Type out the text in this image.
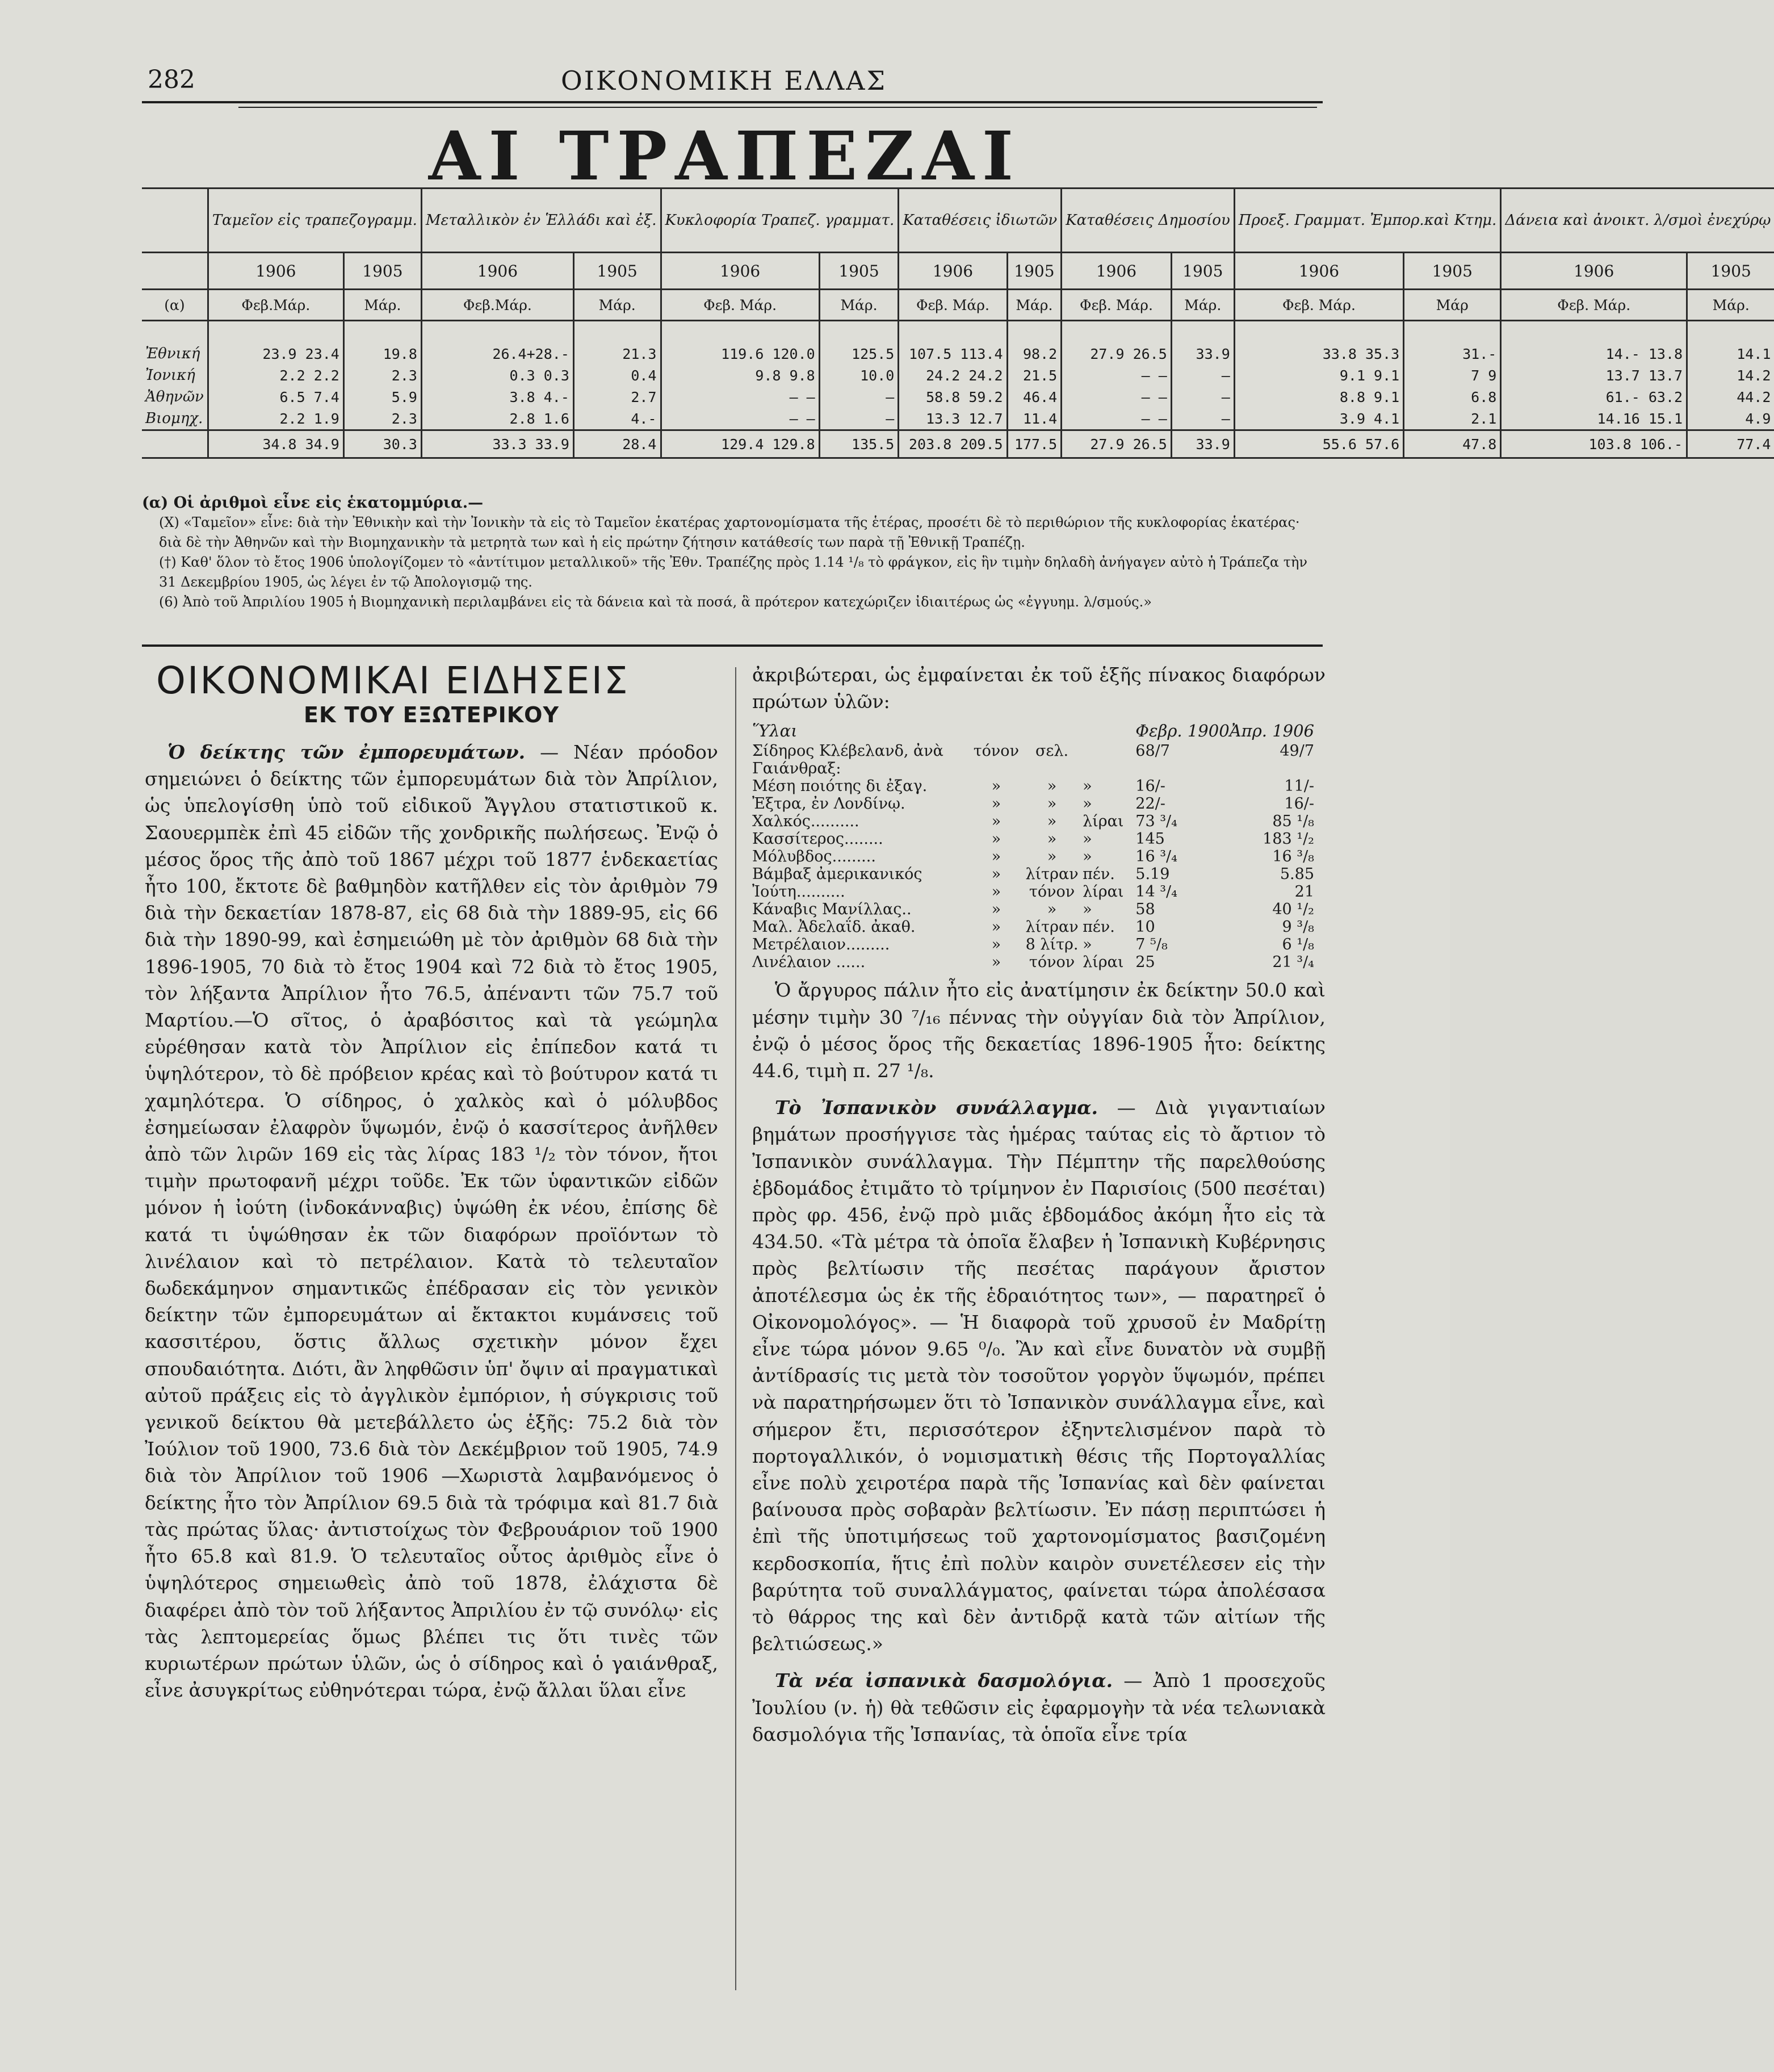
282	ΟΙΚΟΝΟΜΙΚΗ ΕΛΛΑΣ
ΑΙ ΤΡΑΠΕΖΑΙ
	Ταμεῖον εἰς τραπεζογραμμ.		Μεταλλικὸν ἐν Ἑλλάδι καὶ ἐξ.		Κυκλοφορία Τραπεζ. γραμματ.		Καταθέσεις ἰδιωτῶν		Καταθέσεις Δημοσίου		Προεξ. Γραμματ. Ἐμπορ.καὶ Κτημ.		Δάνεια καὶ ἀνοικτ. λ/σμοὶ ἐνεχύρῳ	
	1906	1905	1906	1905	1906	1905	1906	1905	1906	1905	1906	1905	1906	1905
(α)	Φεβ.Μάρ.	Μάρ.	Φεβ.Μάρ.	Μάρ.	Φεβ. Μάρ.	Μάρ.	Φεβ. Μάρ.	Μάρ.	Φεβ. Μάρ.	Μάρ.	Φεβ. Μάρ.	Μάρ	Φεβ. Μάρ.	Μάρ.

Ἐθνική	23.9 23.4	19.8	26.4+28.-	21.3	119.6 120.0	125.5	107.5 113.4	98.2	27.9 26.5	33.9	33.8 35.3	31.-	14.- 13.8	14.1
Ἰονική	2.2 2.2	2.3	0.3 0.3	0.4	9.8 9.8	10.0	24.2 24.2	21.5	— —	—	9.1 9.1	7 9	13.7 13.7	14.2
Ἀθηνῶν	6.5 7.4	5.9	3.8 4.-	2.7	— —	—	58.8 59.2	46.4	— —	—	8.8 9.1	6.8	61.- 63.2	44.2
Βιομηχ.	2.2 1.9	2.3	2.8 1.6	4.-	— —	—	13.3 12.7	11.4	— —	—	3.9 4.1	2.1	14.16 15.1	4.9
	34.8 34.9	30.3	33.3 33.9	28.4	129.4 129.8	135.5	203.8 209.5	177.5	27.9 26.5	33.9	55.6 57.6	47.8	103.8 106.-	77.4

(α) Οἱ ἀριθμοὶ εἶνε εἰς ἑκατομμύρια.—

(X) «Ταμεῖον» εἶνε: διὰ τὴν Ἐθνικὴν καὶ τὴν Ἰονικὴν τὰ εἰς τὸ Ταμεῖον ἑκατέρας χαρτονομίσματα τῆς ἑτέρας, προσέτι δὲ τὸ περιθώριον τῆς κυκλοφορίας ἑκατέρας· διὰ δὲ τὴν Ἀθηνῶν καὶ τὴν Βιομηχανικὴν τὰ μετρητὰ των καὶ ἡ εἰς πρώτην ζήτησιν κατάθεσίς των παρὰ τῇ Ἐθνικῇ Τραπέζῃ.

(†) Καθ' ὅλον τὸ ἔτος 1906 ὑπολογίζομεν τὸ «ἀντίτιμον μεταλλικοῦ» τῆς Ἐθν. Τραπέζης πρὸς 1.14 ¹/₈ τὸ φράγκον, εἰς ἣν τιμὴν δηλαδὴ ἀνήγαγεν αὐτὸ ἡ Τράπεζα τὴν 31 Δεκεμβρίου 1905, ὡς λέγει ἐν τῷ Ἀπολογισμῷ της.

(6) Ἀπὸ τοῦ Ἀπριλίου 1905 ἡ Βιομηχανικὴ περιλαμβάνει εἰς τὰ δάνεια καὶ τὰ ποσά, ἃ πρότερον κατεχώριζεν ἰδιαιτέρως ὡς «ἐγγυημ. λ/σμούς.»

ΟΙΚΟΝΟΜΙΚΑΙ ΕΙΔΗΣΕΙΣ
ΕΚ ΤΟΥ ΕΞΩΤΕΡΙΚΟΥ

Ὁ δείκτης τῶν ἐμπορευμάτων. — Νέαν πρόοδον σημειώνει ὁ δείκτης τῶν ἐμπορευμάτων διὰ τὸν Ἀπρίλιον, ὡς ὑπελογίσθη ὑπὸ τοῦ εἰδικοῦ Ἄγγλου στατιστικοῦ κ. Σαουερμπὲκ ἐπὶ 45 εἰδῶν τῆς χονδρικῆς πωλήσεως. Ἐνῷ ὁ μέσος ὅρος τῆς ἀπὸ τοῦ 1867 μέχρι τοῦ 1877 ἑνδεκαετίας ἦτο 100, ἔκτοτε δὲ βαθμηδὸν κατῆλθεν εἰς τὸν ἀριθμὸν 79 διὰ τὴν δεκαετίαν 1878-87, εἰς 68 διὰ τὴν 1889-95, εἰς 66 διὰ τὴν 1890-99, καὶ ἐσημειώθη μὲ τὸν ἀριθμὸν 68 διὰ τὴν 1896-1905, 70 διὰ τὸ ἔτος 1904 καὶ 72 διὰ τὸ ἔτος 1905, τὸν λήξαντα Ἀπρίλιον ἦτο 76.5, ἀπέναντι τῶν 75.7 τοῦ Μαρτίου.—Ὁ σῖτος, ὁ ἀραβόσιτος καὶ τὰ γεώμηλα εὑρέθησαν κατὰ τὸν Ἀπρίλιον εἰς ἐπίπεδον κατά τι ὑψηλότερον, τὸ δὲ πρόβειον κρέας καὶ τὸ βούτυρον κατά τι χαμηλότερα. Ὁ σίδηρος, ὁ χαλκὸς καὶ ὁ μόλυβδος ἐσημείωσαν ἐλαφρὸν ὕψωμόν, ἐνῷ ὁ κασσίτερος ἀνῆλθεν ἀπὸ τῶν λιρῶν 169 εἰς τὰς λίρας 183 ¹/₂ τὸν τόνον, ἤτοι τιμὴν πρωτοφανῆ μέχρι τοῦδε. Ἐκ τῶν ὑφαντικῶν εἰδῶν μόνον ἡ ἰούτη (ἰνδοκάνναβις) ὑψώθη ἐκ νέου, ἐπίσης δὲ κατά τι ὑψώθησαν ἐκ τῶν διαφόρων προϊόντων τὸ λινέλαιον καὶ τὸ πετρέλαιον. Κατὰ τὸ τελευταῖον δωδεκάμηνον σημαντικῶς ἐπέδρασαν εἰς τὸν γενικὸν δείκτην τῶν ἐμπορευμάτων αἱ ἔκτακτοι κυμάνσεις τοῦ κασσιτέρου, ὅστις ἄλλως σχετικὴν μόνον ἔχει σπουδαιότητα. Διότι, ἂν ληφθῶσιν ὑπ' ὄψιν αἱ πραγματικαὶ αὐτοῦ πράξεις εἰς τὸ ἀγγλικὸν ἐμπόριον, ἡ σύγκρισις τοῦ γενικοῦ δείκτου θὰ μετεβάλλετο ὡς ἑξῆς: 75.2 διὰ τὸν Ἰούλιον τοῦ 1900, 73.6 διὰ τὸν Δεκέμβριον τοῦ 1905, 74.9 διὰ τὸν Ἀπρίλιον τοῦ 1906 —Χωριστὰ λαμβανόμενος ὁ δείκτης ἦτο τὸν Ἀπρίλιον 69.5 διὰ τὰ τρόφιμα καὶ 81.7 διὰ τὰς πρώτας ὕλας· ἀντιστοίχως τὸν Φεβρουάριον τοῦ 1900 ἦτο 65.8 καὶ 81.9. Ὁ τελευταῖος οὗτος ἀριθμὸς εἶνε ὁ ὑψηλότερος σημειωθεὶς ἀπὸ τοῦ 1878, ἐλάχιστα δὲ διαφέρει ἀπὸ τὸν τοῦ λήξαντος Ἀπριλίου ἐν τῷ συνόλῳ· εἰς τὰς λεπτομερείας ὅμως βλέπει τις ὅτι τινὲς τῶν κυριωτέρων πρώτων ὑλῶν, ὡς ὁ σίδηρος καὶ ὁ γαιάνθραξ, εἶνε ἀσυγκρίτως εὐθηνότεραι τώρα, ἐνῷ ἄλλαι ὕλαι εἶνε

ἀκριβώτεραι, ὡς ἐμφαίνεται ἐκ τοῦ ἑξῆς πίνακος διαφόρων πρώτων ὑλῶν:

Ὕλαι				Φεβρ. 1900	Ἀπρ. 1906
Σίδηρος Κλέβελανδ, ἀνὰ	τόνον	σελ.		68/7	49/7
Γαιάνθραξ:					
Μέση ποιότης δι ἐξαγ.	»	»	»	16/-	11/-
Ἐξτρα, ἐν Λονδίνῳ.	»	»	»	22/-	16/-
Χαλκός..........	»	»	λίραι	73 ³/₄	85 ¹/₈
Κασσίτερος........	»	»	»	145	183 ¹/₂
Μόλυβδος.........	»	»	»	16 ³/₄	16 ³/₈
Βάμβαξ ἀμερικανικός	»	λίτραν	πέν.	5.19	5.85
Ἰούτη..........	»	τόνον	λίραι	14 ³/₄	21
Κάναβις Μανίλλας..	»	»	»	58	40 ¹/₂
Μαλ. Ἀδελαΐδ. ἀκαθ.	»	λίτραν	πέν.	10	9 ³/₈
Μετρέλαιον.........	»	8 λίτρ.	»	7 ⁵/₈	6 ¹/₈
Λινέλαιον ......	»	τόνον	λίραι	25	21 ³/₄

Ὁ ἄργυρος πάλιν ἦτο εἰς ἀνατίμησιν ἐκ δείκτην 50.0 καὶ μέσην τιμὴν 30 ⁷/₁₆ πέννας τὴν οὐγγίαν διὰ τὸν Ἀπρίλιον, ἐνῷ ὁ μέσος ὅρος τῆς δεκαετίας 1896-1905 ἦτο: δείκτης 44.6, τιμὴ π. 27 ¹/₈.

Τὸ Ἰσπανικὸν συνάλλαγμα. — Διὰ γιγαντιαίων βημάτων προσήγγισε τὰς ἡμέρας ταύτας εἰς τὸ ἄρτιον τὸ Ἰσπανικὸν συνάλλαγμα. Τὴν Πέμπτην τῆς παρελθούσης ἑβδομάδος ἐτιμᾶτο τὸ τρίμηνον ἐν Παρισίοις (500 πεσέται) πρὸς φρ. 456, ἐνῷ πρὸ μιᾶς ἑβδομάδος ἀκόμη ἦτο εἰς τὰ 434.50. «Τὰ μέτρα τὰ ὁποῖα ἔλαβεν ἡ Ἰσπανικὴ Κυβέρνησις πρὸς βελτίωσιν τῆς πεσέτας παράγουν ἄριστον ἀποτέλεσμα ὡς ἐκ τῆς ἑδραιότητος των», — παρατηρεῖ ὁ Οἰκονομολόγος». — Ἡ διαφορὰ τοῦ χρυσοῦ ἐν Μαδρίτῃ εἶνε τώρα μόνον 9.65 ⁰/₀. Ἂν καὶ εἶνε δυνατὸν νὰ συμβῇ ἀντίδρασίς τις μετὰ τὸν τοσοῦτον γοργὸν ὕψωμόν, πρέπει νὰ παρατηρήσωμεν ὅτι τὸ Ἰσπανικὸν συνάλλαγμα εἶνε, καὶ σήμερον ἔτι, περισσότερον ἐξηντελισμένον παρὰ τὸ πορτογαλλικόν, ὁ νομισματικὴ θέσις τῆς Πορτογαλλίας εἶνε πολὺ χειροτέρα παρὰ τῆς Ἰσπανίας καὶ δὲν φαίνεται βαίνουσα πρὸς σοβαρὰν βελτίωσιν. Ἐν πάσῃ περιπτώσει ἡ ἐπὶ τῆς ὑποτιμήσεως τοῦ χαρτονομίσματος βασιζομένη κερδοσκοπία, ἥτις ἐπὶ πολὺν καιρὸν συνετέλεσεν εἰς τὴν βαρύτητα τοῦ συναλλάγματος, φαίνεται τώρα ἀπολέσασα τὸ θάρρος της καὶ δὲν ἀντιδρᾷ κατὰ τῶν αἰτίων τῆς βελτιώσεως.»

Τὰ νέα ἰσπανικὰ δασμολόγια. — Ἀπὸ 1 προσεχοῦς Ἰουλίου (ν. ἡ) θὰ τεθῶσιν εἰς ἐφαρμογὴν τὰ νέα τελωνιακὰ δασμολόγια τῆς Ἰσπανίας, τὰ ὁποῖα εἶνε τρία
